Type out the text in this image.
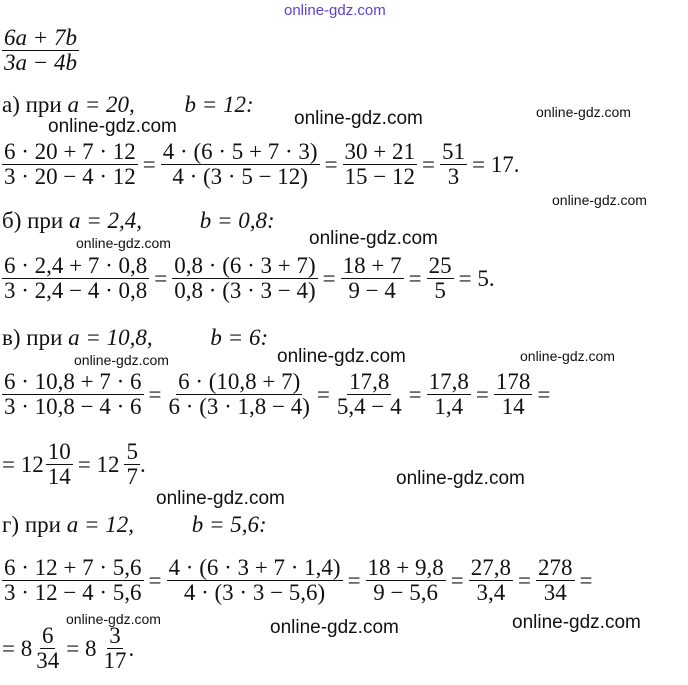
online-gdz.com
$\frac{6a + 7b}{3a - 4b}$
а) при a = 20, b = 12:
$\frac{6 \cdot 20 + 7 \cdot 12}{3 \cdot 20 - 4 \cdot 12} = \frac{4 \cdot (6 \cdot 5 + 7 \cdot 3)}{4 \cdot (3 \cdot 5 - 12)} = \frac{30 + 21}{15 - 12} = \frac{51}{3} = 17$.
б) при a = 2,4,	b = 0,8:
$\frac{6 \cdot 2,4 + 7 \cdot 0,8}{3 \cdot 2,4 - 4 \cdot 0,8} = \frac{0,8 \cdot (6 \cdot 3 + 7)}{0,8 \cdot (3 \cdot 3 - 4)} = \frac{18 + 7}{9 - 4} = \frac{25}{5} = 5$.
в) при a = 10,8,	b = 6:
$\frac{6 \cdot 10,8 + 7 \cdot 6}{3 \cdot 10,8 - 4 \cdot 6} = \frac{6 \cdot (10,8 + 7)}{6 \cdot (3 \cdot 1,8 - 4)} = \frac{17,8}{5,4 - 4} = \frac{17,8}{1,4} = \frac{178}{14}$ =
= $12 \frac{10}{14} = 12 \frac{5}{7}$ .
г) при a = 12,	b = 5,6:
$\frac{6 \cdot 12 + 7 \cdot 5,6}{3 \cdot 12 - 4 \cdot 5,6} = \frac{4 \cdot (6 \cdot 3 + 7 \cdot 1,4)}{4 \cdot (3 \cdot 3 - 5,6)} = \frac{18 + 9,8}{9 - 5,6} = \frac{27,8}{3,4} = \frac{278}{34}$ =
= $8 \frac{6}{34} = 8 \frac{3}{17}$ .
online-gdz.com	online-gdz.com
online-gdz.com
online-gdz.com
online-gdz.com	online-gdz.com
online-gdz.com	online-gdz.com	online-gdz.com
online-gdz.com
online-gdz.com
online-gdz.com	online-gdz.com	online-gdz.com
